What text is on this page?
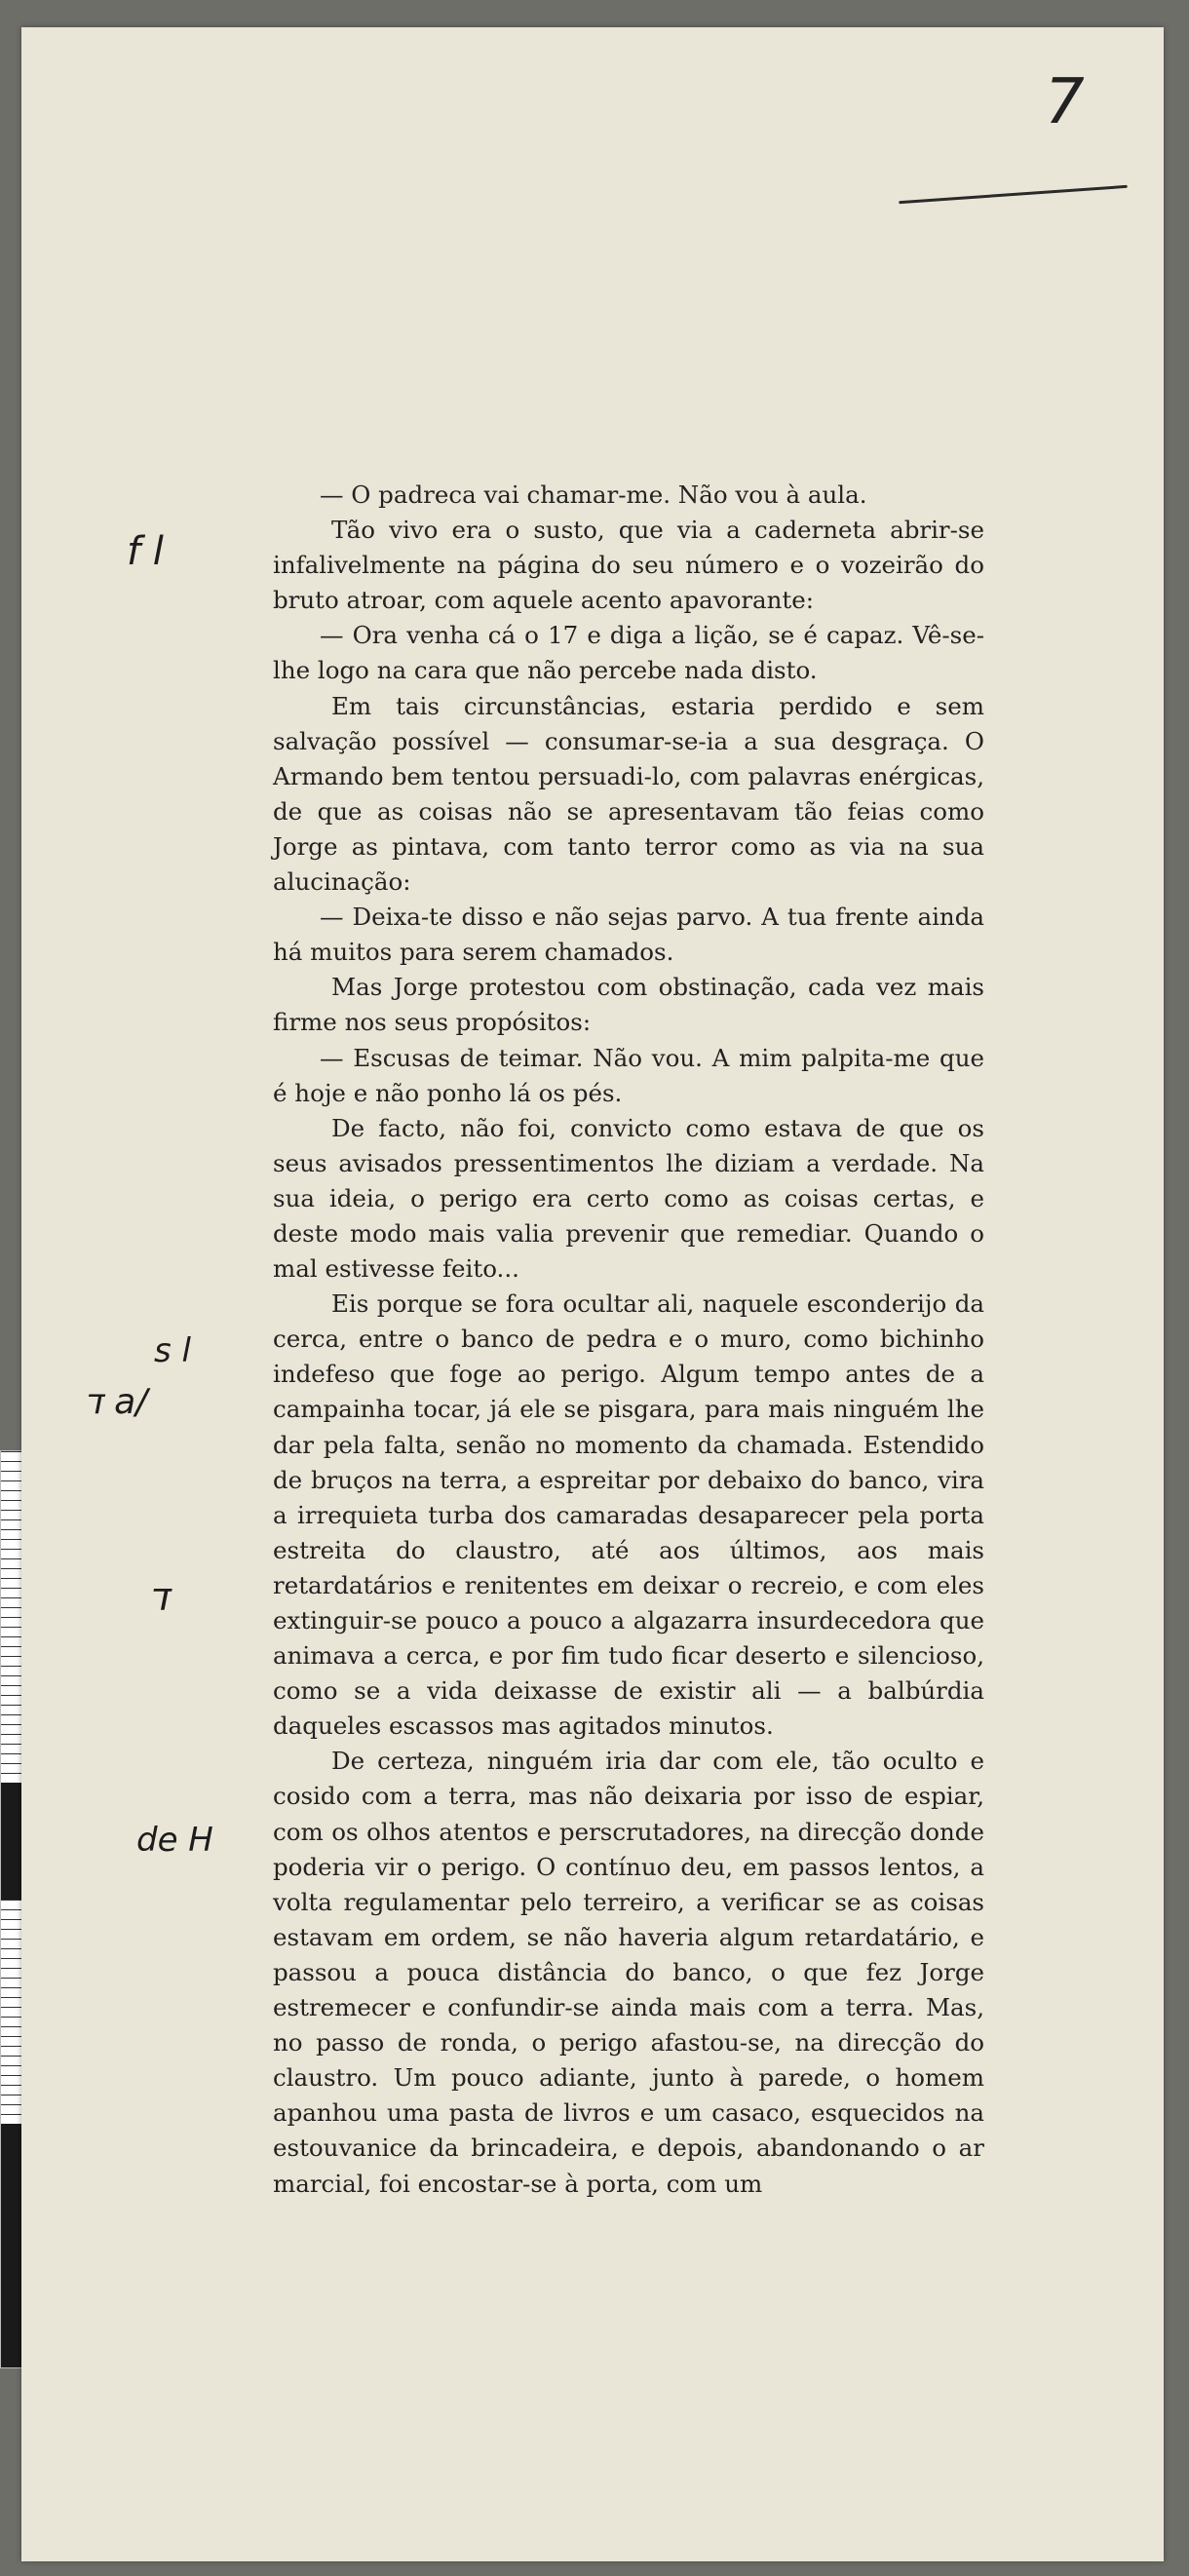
7
f l
s l
ד a/
ד
de H

— O padreca vai chamar-me. Não vou à aula.

Tão vivo era o susto, que via a caderneta abrir-se infalivelmente na página do seu número e o vozeirão do bruto atroar, com aquele acento apavorante:

— Ora venha cá o 17 e diga a lição, se é capaz. Vê-se-lhe logo na cara que não percebe nada disto.

Em tais circunstâncias, estaria perdido e sem salvação possível — consumar-se-ia a sua desgraça. O Armando bem tentou persuadi-lo, com palavras enérgicas, de que as coisas não se apresentavam tão feias como Jorge as pintava, com tanto terror como as via na sua alucinação:

— Deixa-te disso e não sejas parvo. A tua frente ainda há muitos para serem chamados.

Mas Jorge protestou com obstinação, cada vez mais firme nos seus propósitos:

— Escusas de teimar. Não vou. A mim palpita-me que é hoje e não ponho lá os pés.

De facto, não foi, convicto como estava de que os seus avisados pressentimentos lhe diziam a verdade. Na sua ideia, o perigo era certo como as coisas certas, e deste modo mais valia prevenir que remediar. Quando o mal estivesse feito...

Eis porque se fora ocultar ali, naquele esconderijo da cerca, entre o banco de pedra e o muro, como bichinho indefeso que foge ao perigo. Algum tempo antes de a campainha tocar, já ele se pisgara, para mais ninguém lhe dar pela falta, senão no momento da chamada. Estendido de bruços na terra, a espreitar por debaixo do banco, vira a irrequieta turba dos camaradas desaparecer pela porta estreita do claustro, até aos últimos, aos mais retardatários e renitentes em deixar o recreio, e com eles extinguir-se pouco a pouco a algazarra insurdecedora que animava a cerca, e por fim tudo ficar deserto e silencioso, como se a vida deixasse de existir ali — a balbúrdia daqueles escassos mas agitados minutos.

De certeza, ninguém iria dar com ele, tão oculto e cosido com a terra, mas não deixaria por isso de espiar, com os olhos atentos e perscrutadores, na direcção donde poderia vir o perigo. O contínuo deu, em passos lentos, a volta regulamentar pelo terreiro, a verificar se as coisas estavam em ordem, se não haveria algum retardatário, e passou a pouca distância do banco, o que fez Jorge estremecer e confundir-se ainda mais com a terra. Mas, no passo de ronda, o perigo afastou-se, na direcção do claustro. Um pouco adiante, junto à parede, o homem apanhou uma pasta de livros e um casaco, esquecidos na estouvanice da brincadeira, e depois, abandonando o ar marcial, foi encostar-se à porta, com um
